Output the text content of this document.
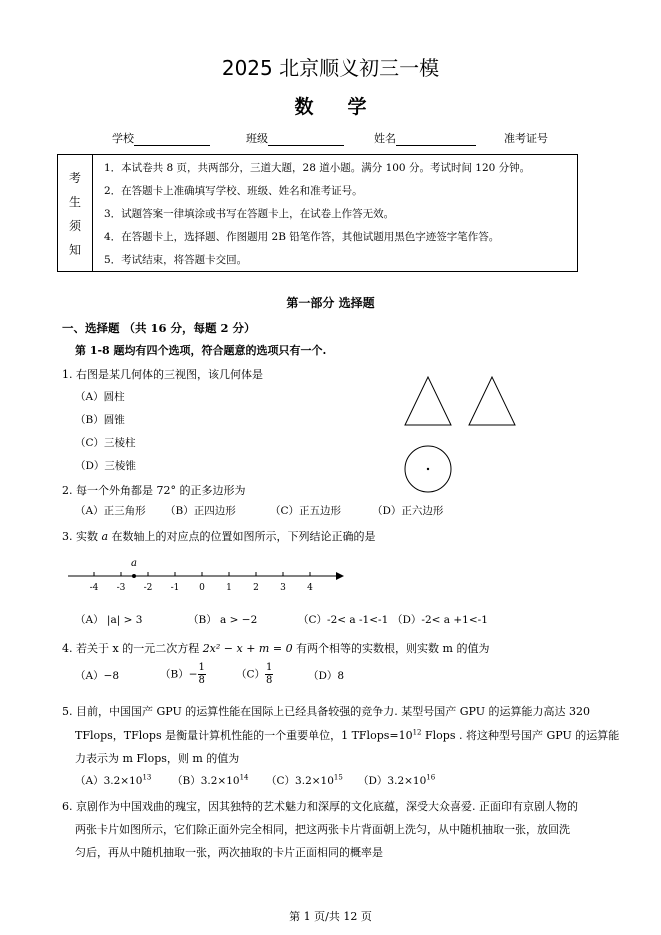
2025 北京顺义初三一模
数学
学校	班级	姓名	准考证号
考
生
须
知
1．本试卷共 8 页，共两部分，三道大题，28 道小题。满分 100 分。考试时间 120 分钟。
2．在答题卡上准确填写学校、班级、姓名和准考证号。
3．试题答案一律填涂或书写在答题卡上，在试卷上作答无效。
4．在答题卡上，选择题、作图题用 2B 铅笔作答，其他试题用黑色字迹签字笔作答。
5．考试结束，将答题卡交回。
第一部分 选择题
一、选择题 （共 16 分，每题 2 分）
第 1-8 题均有四个选项，符合题意的选项只有一个.
1. 右图是某几何体的三视图，该几何体是
（A）圆柱
（B）圆锥
（C）三棱柱
（D）三棱锥
2. 每一个外角都是 72° 的正多边形为
（A）正三角形 （B）正四边形	（C）正五边形	（D）正六边形
3. 实数 a 在数轴上的对应点的位置如图所示，下列结论正确的是
-4 -3 -2 -1 0 1 2 3 4
a
（A） |a| > 3	（B） a > −2	（C）-2< a -1<-1 （D）-2< a +1<-1
4. 若关于 x 的一元二次方程 2x² − x + m = 0 有两个相等的实数根，则实数 m 的值为
（A）−8	$(B)- \frac{1}{8}$	$(C) \frac{1}{8}$	（D）8
5. 目前，中国国产 GPU 的运算性能在国际上已经具备较强的竞争力. 某型号国产 GPU 的运算能力高达 320
TFlops，TFlops 是衡量计算机性能的一个重要单位，1 $TFlops=10^{12}$ Flops . 将这种型号国产 GPU 的运算能
力表示为 m Flops，则 m 的值为
$(A)3.2\times 10^{13}$ $(B)3.2\times 10^{14}$ $(C)3.2\times 10^{15}$ $(D)3.2\times 10^{16}$
6. 京剧作为中国戏曲的瑰宝，因其独特的艺术魅力和深厚的文化底蕴，深受大众喜爱. 正面印有京剧人物的
两张卡片如图所示，它们除正面外完全相同，把这两张卡片背面朝上洗匀，从中随机抽取一张，放回洗
匀后，再从中随机抽取一张，两次抽取的卡片正面相同的概率是
第 1 页/共 12 页
